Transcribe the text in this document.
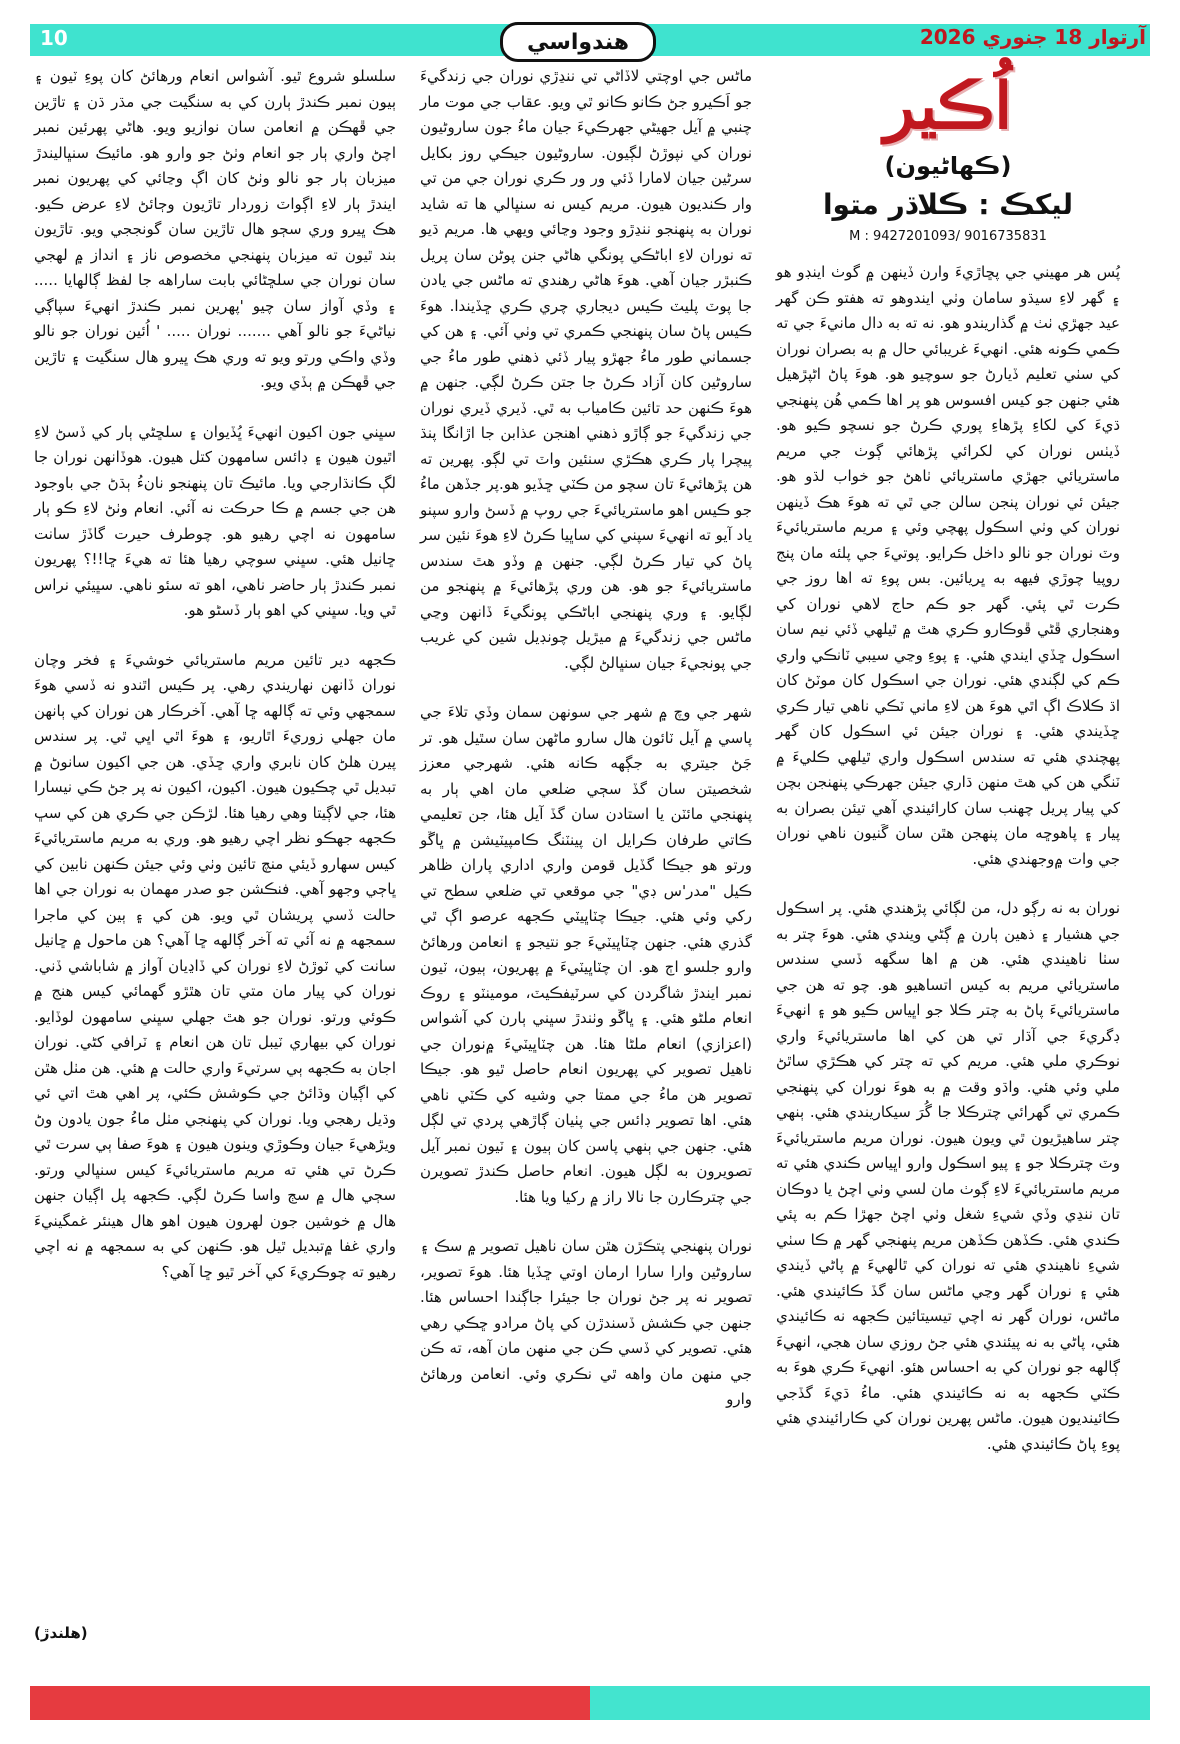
10	ھندواسي	آرتوار 18 جنوري 2026
اُڪير
(ڪهاڻيون)
ليکڪ : ڪلاڌر متوا
M : 9427201093/ 9016735831

پُس ھر مهيني جي پڇاڙيءَ وارن ڏينهن ۾ گوٺ اينڊو هو ۽ گهر لاءِ سيڌو سامان وٺي ايندوهو ته هفتو ڪن گهر عيد جهڙي ٺٺ ۾ گذاريندو هو. نه ته به دال مانيءَ جي ته ڪمي ڪونه هئي. انهيءَ غريبائي حال ۾ به بصران نوران کي سٺي تعليم ڏيارڻ جو سوچيو هو. هوءَ پاڻ اڻپڙهيل هئي جنهن جو کيس افسوس هو پر اها ڪمي هُن پنهنجي ڌيءَ کي لکاءِ پڙهاءِ پوري ڪرڻ جو نسچو ڪيو هو. ڏيٺس نوران کي لکرائي پڙهائي ڳوٺ جي مريم ماستريائي جهڙي ماستريائي ٺاهڻ جو خواب لڌو هو. جيئن ئي نوران پنجن سالن جي ٿي ته هوءَ هڪ ڏينهن نوران کي وٺي اسڪول پهچي وئي ۽ مريم ماستريائيءَ وٽ نوران جو نالو داخل ڪرايو. پوتيءَ جي پلئه مان پنج روپيا چوڙي فيهه به ڀريائين. بس پوءِ ته اها روز جي ڪرت ٿي پئي. گهر جو ڪم حاج لاهي نوران کي وهنجاري ڦڻي ڦوڪارو ڪري هٿ ۾ ٿيلهي ڏئي نيم سان اسڪول ڇڏي ايندي هئي. ۽ پوءِ وڃي سيبي ٽانڪي واري ڪم کي لڳندي هئي. نوران جي اسڪول کان موٽڻ کان اڌ ڪلاڪ اڳ اٿي هوءَ هن لاءِ ماني ٽڪي ناهي تيار ڪري ڇڏيندي هئي. ۽ نوران جيئن ئي اسڪول کان گهر پهچندي هئي ته سندس اسڪول واري ٿيلهي ڪليءَ ۾ ٽنگي هن کي هٿ منهن ڌاري جيئن جهرڪي پنهنجن بچن کي پيار پريل چهنب سان کارائيندي آهي تيئن بصران به پيار ۽ پاهوڇه مان پنهجن هٿن سان گَنيون ناهي نوران جي وات ۾وجهندي هئي.

نوران به نه رڳو دل، من لڳائي پڙهندي هئي. پر اسڪول جي هشيار ۽ ذهين ٻارن ۾ ڳڻي ويندي هئي. هوءَ چتر به سٺا ناهيندي هئي. هن ۾ اها سگهه ڏسي سندس ماستريائي مريم به کيس اتساهيو هو. چو ته هن جي ماستريائيءَ پاڻ به چتر ڪلا جو اڀياس ڪيو هو ۽ انهيءَ ڊگريءَ جي آڌار تي هن کي اها ماستريائيءَ واري نوڪري ملي هئي. مريم کي ته چتر کي هڪڙي ساٿڻ ملي وئي هئي. واڌو وقت ۾ به هوءَ نوران کي پنهنجي ڪمري تي گهرائي چترڪلا جا گُرَ سيکاريندي هئي. ٻنهي چتر ساهيڙيون ٿي ويون هيون. نوران مريم ماستريائيءَ وٽ چترڪلا جو ۽ پيو اسڪول وارو اڀياس ڪندي هئي ته مريم ماستريائيءَ لاءِ ڳوٺ مان لسي وٺي اچڻ يا دوڪان تان ننڍي وڏي شيءِ شغل وٺي اچڻ جهڙا ڪم به پئي ڪندي هئي. ڪڏهن ڪڏهن مريم پنهنجي گهر ۾ ڪا سٺي شيءِ ناهيندي هئي ته نوران کي ٿالهيءَ ۾ پاڻي ڏيندي هئي ۽ نوران گهر وڃي ماڻس سان گڏ ڪائيندي هئي. ماڻس، نوران گهر نه اچي تيسيتائين ڪجهه نه ڪائيندي هئي، پاڻي به نه پيئندي هئي جڻ روزي سان هجي، انهيءَ ڳالهه جو نوران کي به احساس هئو. انهيءَ ڪري هوءَ به ڪٽي ڪجهه به نه ڪائيندي هئي. ماءُ ڌيءَ گڏجي ڪائينديون هيون. ماڻس پهرين نوران کي ڪارائيندي هئي پوءِ پاڻ ڪائيندي هئي.

ماڻس جي اوچتي لاڏاڻي تي ننڍڙي نوران جي زندگيءَ جو اَڪيرو جڻ ڪانو ڪانو ٿي ويو. عقاب جي موت مار چنبي ۾ آيل جهيڻي جهرڪيءَ جيان ماءُ جون ساروڻيون نوران کي نپوڙڻ لڳيون. ساروڻيون جيڪي روز بکايل سرڻين جيان لامارا ڏئي ور ور ڪري نوران جي من تي وار ڪنديون هيون. مريم کيس نه سنڀالي ها ته شايد نوران به پنهنجو ننڍڙو وجود وڃائي ويهي ها. مريم ڌيو ته نوران لاءِ اباڻڪي پونگي هاڻي جنن پوڻن سان پريل ڪنبڙر جيان آهي. هوءَ هاڻي رهندي ته ماڻس جي يادن جا پوٽ پليٽ ڪيس ديجاري چري ڪري ڇڏيندا. هوءَ ڪيس پاڻ سان پنهنجي ڪمري تي وٺي آئي. ۽ هن کي جسماني طور ماءُ جهڙو پيار ڏئي ذهني طور ماءُ جي ساروڻين کان آزاد ڪرڻ جا جتن ڪرڻ لڳي. جنهن ۾ هوءَ ڪنهن حد تائين ڪامياب به ٿي. ڏيري ڏيري نوران جي زندگيءَ جو ڳاڙو ذهني اهنجن عذابن جا اڙانگا پنڌ پيچرا پار ڪري هڪڙي سنئين واٽ تي لڳو. پهرين ته هن پڙهائيءَ تان سچو من ڪٽي ڇڏيو هو.پر جڏهن ماءُ جو ڪيس اهو ماستريائيءَ جي روپ ۾ ڏسڻ وارو سپنو ياد آيو ته انهيءَ سپني کي ساڀيا ڪرڻ لاءِ هوءَ نئين سر پاڻ کي تيار ڪرڻ لڳي. جنهن ۾ وڏو هٿ سندس ماستريائيءَ جو هو. هن وري پڙهائيءَ ۾ پنهنجو من لڳايو. ۽ وري پنهنجي اباڻڪي پونگيءَ ڏانهن وڃي ماڻس جي زندگيءَ ۾ ميڙيل چونڊيل شين کي غريب جي پونجيءَ جيان سنڀالڻ لڳي.

شهر جي وچ ۾ شهر جي سونهن سمان وڏي تلاءَ جي پاسي ۾ آيل ٽائون هال سارو ماڻهن سان سٿيل هو. تر جَڻ جيتري به جڳهه ڪانه هئي. شهرجي معزز شخصيتن سان گڏ سڄي ضلعي مان اهي ٻار به پنهنجي مائٽن يا استادن سان گڏ آيل هئا، جن تعليمي ڪاتي طرفان ڪرايل ان پينٽنگ ڪامپيٽيشن ۾ ڀاڱو ورتو هو جيڪا گڏيل قومن واري اداري پاران ظاهر ڪيل "مدر'س ڊي" جي موقعي تي ضلعي سطح تي رکي وئي هئي. جيڪا چٽاڀيٽي ڪجهه عرصو اڳ ٿي گذري هئي. جنهن چٽاڀيٽيءَ جو نتيجو ۽ انعامن ورهائڻ وارو جلسو اڄ هو. ان چٽاڀيٽيءَ ۾ پهريون، ٻيون، ٽيون نمبر ايندڙ شاگردن کي سرٽيفڪيٽ، مومينٽو ۽ روڪ انعام ملڻو هئي. ۽ ڀاڱو وٺندڙ سڀني ٻارن کي آشواس (اعزازي) انعام ملڻا هئا. هن چٽاڀيٽيءَ ۾نوران جي ناهيل تصوير کي پهريون انعام حاصل ٿيو هو. جيڪا تصوير هن ماءُ جي ممتا جي وشيه کي ڪٽي ناهي هئي. اها تصوير ڊائس جي پٺيان ڳاڙهي پردي تي لڳل هئي. جنهن جي ٻنهي پاسن کان ٻيون ۽ ٽيون نمبر آيل تصويرون به لڳل هيون. انعام حاصل ڪندڙ تصويرن جي چترڪارن جا نالا راز ۾ رکيا ويا هئا.

نوران پنهنجي پتڪڙن هٿن سان ناهيل تصوير ۾ سڪ ۽ ساروڻين وارا سارا ارمان اوتي ڇڏيا هئا. هوءَ تصوير، تصوير نه پر جڻ نوران جا جيئرا جاڳندا احساس هئا. جنهن جي ڪشش ڏسندڙن کي پاڻ مرادو ڇڪي رهي هئي. تصوير کي ڏسي ڪن جي منهن مان آهه، ته ڪن جي منهن مان واهه ٿي نڪري وئي. انعامن ورهائڻ وارو

سلسلو شروع ٿيو. آشواس انعام ورهائڻ کان پوءِ ٽيون ۽ ٻيون نمبر ڪندڙ ٻارن کي به سنگيت جي مڌر ڌن ۽ تاڙين جي ڦهڪن ۾ انعامن سان نوازيو ويو. هاڻي پهرئين نمبر اچڻ واري ٻار جو انعام وٺڻ جو وارو هو. مائيڪ سنڀاليندڙ ميزبان ٻار جو نالو وٺڻ کان اڳ وڃائي کي پهريون نمبر ايندڙ ٻار لاءِ اڳواٽ زوردار تاڙيون وڄائڻ لاءِ عرض ڪيو. هڪ ڀيرو وري سڄو هال تاڙين سان گونججي ويو. تاڙيون بند ٿيون ته ميزبان پنهنجي مخصوص ناز ۽ انداز ۾ لهجي سان نوران جي سلڇڻائي بابت ساراهه جا لفظ ڳالهايا ..... ۽ وڏي آواز سان چيو 'پهرين نمبر ڪندڙ انهيءَ سپاڳي نياڻيءَ جو نالو آهي ....... نوران ..... ' اُئين نوران جو نالو وڏي واڪي ورتو ويو ته وري هڪ ڀيرو هال سنگيت ۽ تاڙين جي ڦهڪن ۾ ٻڏي ويو.

سڀني جون اکيون انهيءَ ڀُڏيوان ۽ سلڇڻي ٻار کي ڏسڻ لاءِ اٿيون هيون ۽ ڊائس سامهون کتل هيون. هوڏانهن نوران جا لڳ ڪانڌارجي ويا. مائيڪ تان پنهنجو نانءُ ٻڌڻ جي باوجود هن جي جسم ۾ ڪا حرڪت نه آئي. انعام وٺڻ لاءِ ڪو ٻار سامهون نه اچي رهيو هو. چوطرف حيرت گاڏڙ سانت ڇانيل هئي. سڀني سوچي رهيا هئا ته هيءَ ڇا!!؟ پهريون نمبر ڪندڙ ٻار حاضر ناهي، اهو ته سئو ناهي. سڀيئي نراس ٿي ويا. سڀني کي اهو ٻار ڏسڻو هو.

ڪجهه دير تائين مريم ماستريائي خوشيءَ ۽ فخر وچان نوران ڏانهن نهاريندي رهي. پر ڪيس اٿندو نه ڏسي هوءَ سمجهي وئي ته ڳالهه ڇا آهي. آخرڪار هن نوران کي ٻانهن مان جهلي زوريءَ اٿاريو، ۽ هوءَ اٿي اڀي ٿي. پر سندس پيرن هلڻ کان نابري واري ڇڏي. هن جي اکيون سانوڻ ۾ تبديل ٿي چڪيون هيون. اکيون، اکيون نه پر جڻ ڪي نيسارا هئا، جي لاڳيتا وهي رهيا هئا. لڙڪن جي ڪري هن کي سڀ ڪجهه جهڪو نظر اچي رهيو هو. وري به مريم ماستريائيءَ کيس سهارو ڏيئي منچ تائين وٺي وئي جيئن ڪنهن نابين کي ڀاڄي وجهو آهي. فنڪشن جو صدر مهمان به نوران جي اها حالت ڏسي پريشان ٿي ويو. هن کي ۽ ٻين کي ماجرا سمجهه ۾ نه آئي ته آخر ڳالهه ڇا آهي؟ هن ماحول ۾ ڇانيل سانت کي ٽوڙڻ لاءِ نوران کي ڏاڍيان آواز ۾ شاباشي ڏني. نوران کي پيار مان متي تان هٿڙو گهمائي کيس هنج ۾ ڪوئي ورتو. نوران جو هٿ جهلي سڀني سامهون لوڏايو. نوران کي بيهاري ٽيبل تان هن انعام ۽ ٽرافي کڻي. نوران اجان به ڪجهه ٻي سرتيءَ واري حالت ۾ هئي. هن مٺل هٿن کي اڳيان وڌائڻ جي ڪوشش ڪئي، پر اهي هٿ اتي ئي وڌيل رهجي ويا. نوران کي پنهنجي مٺل ماءُ جون يادون وڻ ويڙهيءَ جيان وڪوڙي وينون هيون ۽ هوءَ صفا ٻي سرت ٿي ڪرڻ تي هئي ته مريم ماستريائيءَ کيس سنڀالي ورتو. سڄي هال ۾ سڄ واسا ڪرڻ لڳي. ڪجهه پل اڳيان جنهن هال ۾ خوشين جون لهرون هيون اهو هال هينئر غمگينيءَ واري غفا ۾تبديل ٿيل هو. ڪنهن کي به سمجهه ۾ نه اچي رهيو ته چوڪريءَ کي آخر ٿيو ڇا آهي؟

(هلندڙ)
